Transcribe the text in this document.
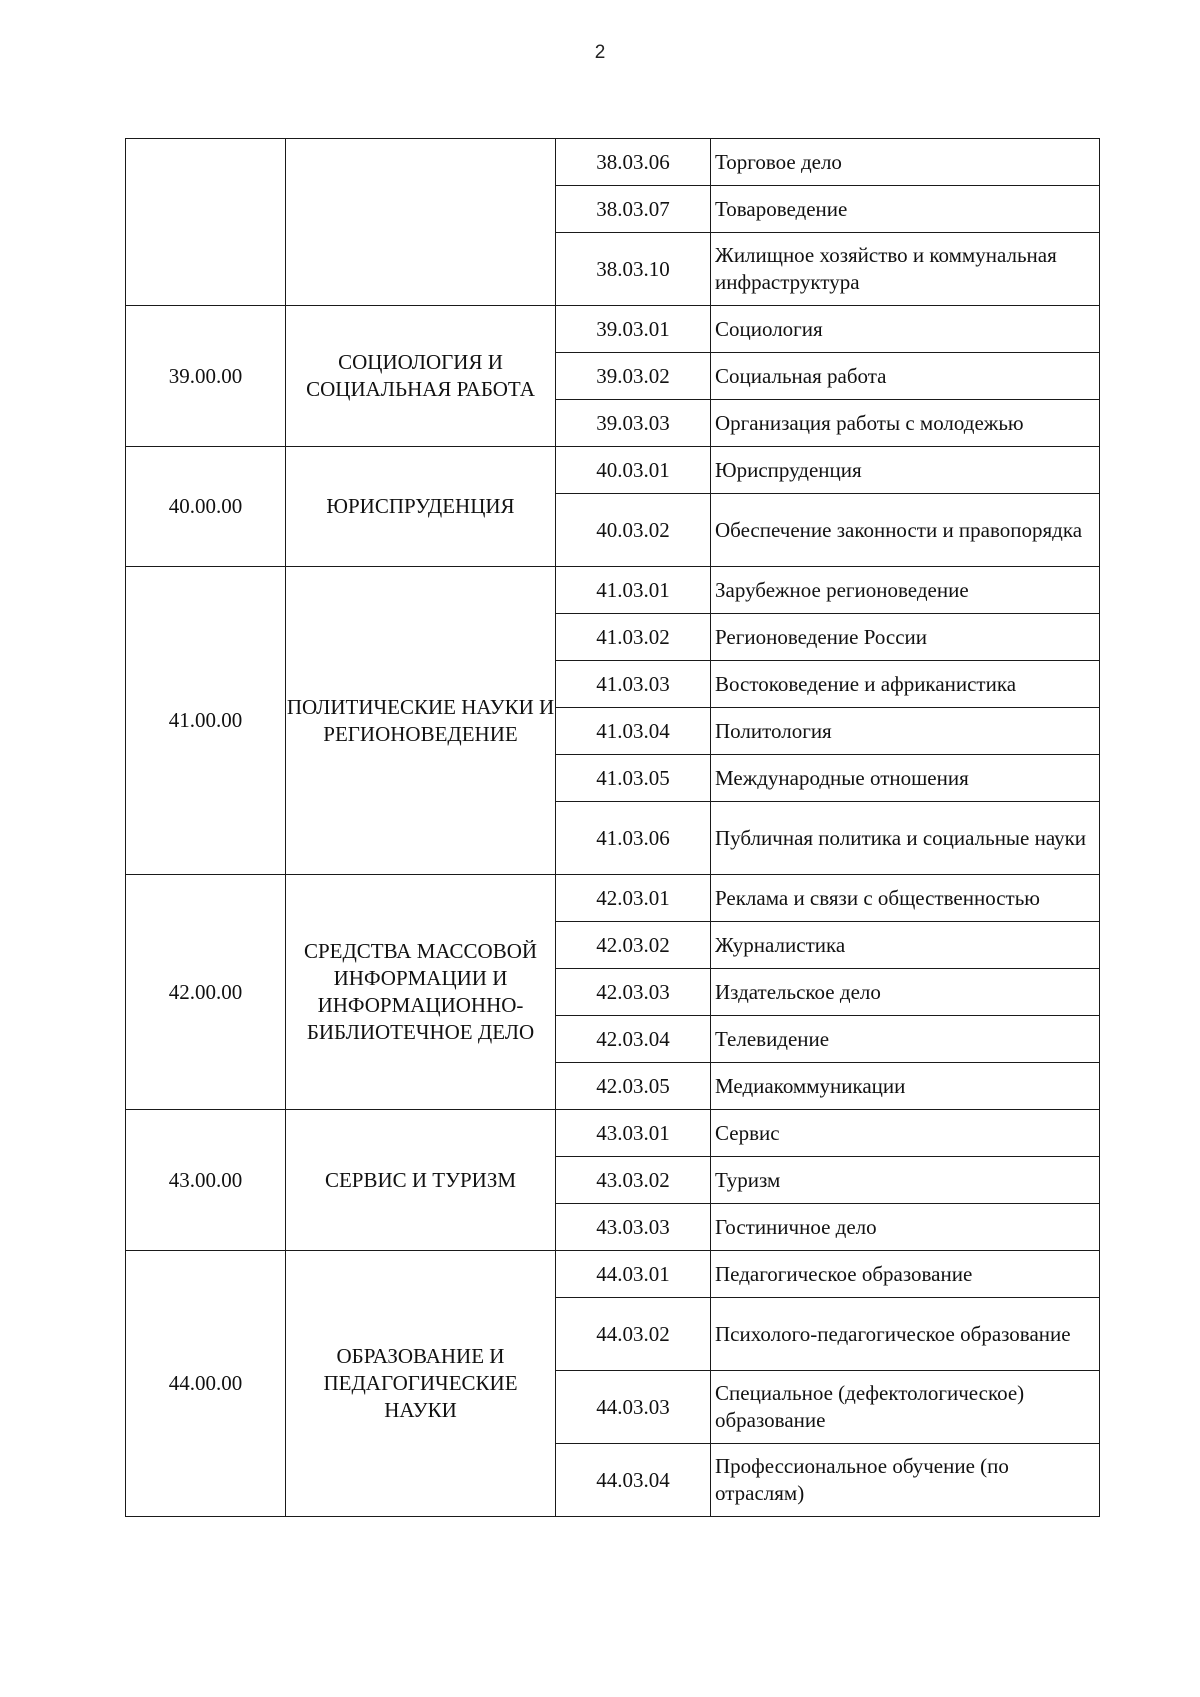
2
		38.03.06	Торговое дело
		38.03.07	Товароведение
		38.03.10	Жилищное хозяйство и коммунальная инфраструктура
39.00.00	СОЦИОЛОГИЯ И СОЦИАЛЬНАЯ РАБОТА	39.03.01	Социология
		39.03.02	Социальная работа
		39.03.03	Организация работы с молодежью
40.00.00	ЮРИСПРУДЕНЦИЯ	40.03.01	Юриспруденция
		40.03.02	Обеспечение законности и правопорядка
41.00.00	ПОЛИТИЧЕСКИЕ НАУКИ И РЕГИОНОВЕДЕНИЕ	41.03.01	Зарубежное регионоведение
		41.03.02	Регионоведение России
		41.03.03	Востоковедение и африканистика
		41.03.04	Политология
		41.03.05	Международные отношения
		41.03.06	Публичная политика и социальные науки
42.00.00	СРЕДСТВА МАССОВОЙ ИНФОРМАЦИИ И ИНФОРМАЦИОННО-БИБЛИОТЕЧНОЕ ДЕЛО	42.03.01	Реклама и связи с общественностью
		42.03.02	Журналистика
		42.03.03	Издательское дело
		42.03.04	Телевидение
		42.03.05	Медиакоммуникации
43.00.00	СЕРВИС И ТУРИЗМ	43.03.01	Сервис
		43.03.02	Туризм
		43.03.03	Гостиничное дело
44.00.00	ОБРАЗОВАНИЕ И ПЕДАГОГИЧЕСКИЕ НАУКИ	44.03.01	Педагогическое образование
		44.03.02	Психолого-педагогическое образование
		44.03.03	Специальное (дефектологическое) образование
		44.03.04	Профессиональное обучение (по отраслям)
